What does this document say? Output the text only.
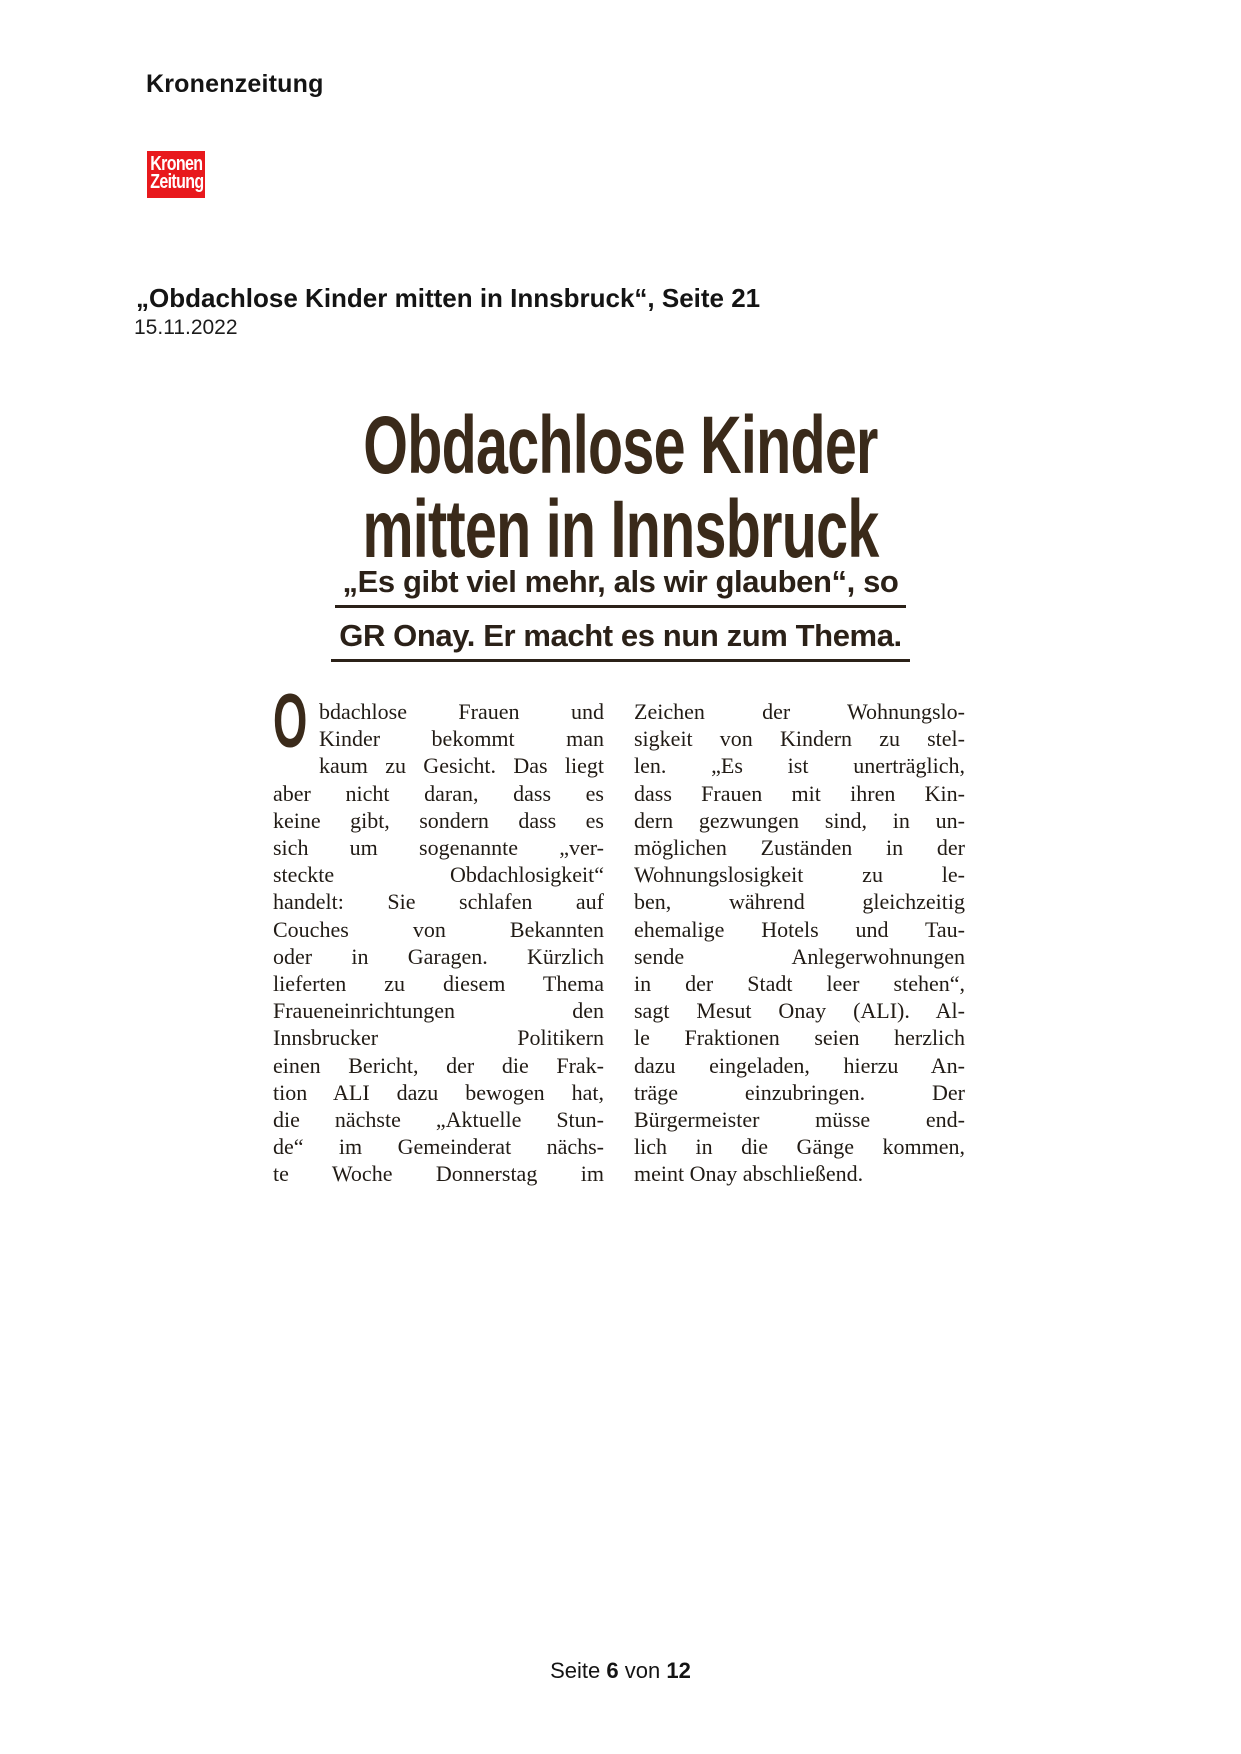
Kronenzeitung
Kronen
Zeitung
„Obdachlose Kinder mitten in Innsbruck“, Seite 21
15.11.2022
Obdachlose Kinder
mitten in Innsbruck
„Es gibt viel mehr, als wir glauben“, so
GR Onay. Er macht es nun zum Thema.
O bdachlose Frauen und
Kinder bekommt man
kaum zu Gesicht. Das liegt
aber nicht daran, dass es
keine gibt, sondern dass es
sich um sogenannte „ver-
steckte Obdachlosigkeit“
handelt: Sie schlafen auf
Couches von Bekannten
oder in Garagen. Kürzlich
lieferten zu diesem Thema
Fraueneinrichtungen den
Innsbrucker Politikern
einen Bericht, der die Frak-
tion ALI dazu bewogen hat,
die nächste „Aktuelle Stun-
de“ im Gemeinderat nächs-
te Woche Donnerstag im
Zeichen der Wohnungslo-
sigkeit von Kindern zu stel-
len. „Es ist unerträglich,
dass Frauen mit ihren Kin-
dern gezwungen sind, in un-
möglichen Zuständen in der
Wohnungslosigkeit zu le-
ben, während gleichzeitig
ehemalige Hotels und Tau-
sende Anlegerwohnungen
in der Stadt leer stehen“,
sagt Mesut Onay (ALI). Al-
le Fraktionen seien herzlich
dazu eingeladen, hierzu An-
träge einzubringen. Der
Bürgermeister müsse end-
lich in die Gänge kommen,
meint Onay abschließend.
Seite 6 von 12
